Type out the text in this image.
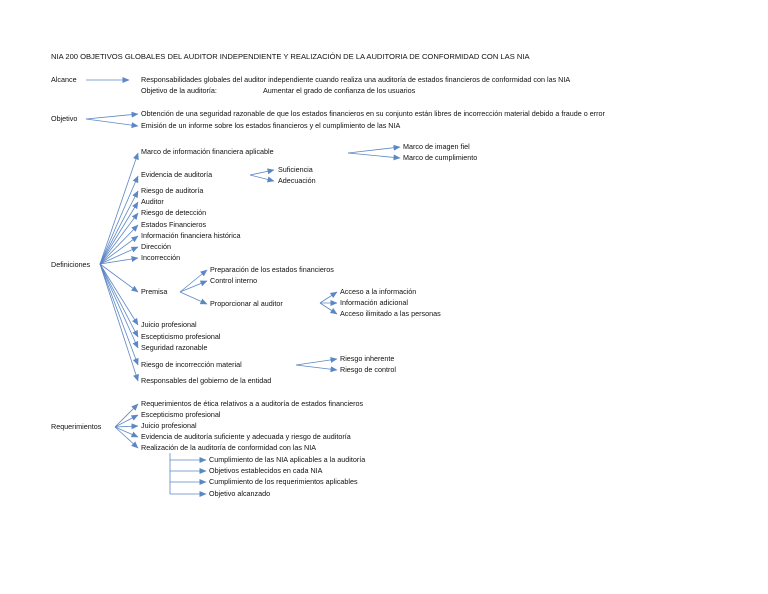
NIA 200 OBJETIVOS GLOBALES DEL AUDITOR INDEPENDIENTE Y REALIZACIÓN DE LA AUDITORIA DE CONFORMIDAD CON LAS NIA
Alcance	Responsabilidades globales del auditor independiente cuando realiza una auditoría de estados financieros de conformidad con las NIA
Objetivo de la auditoría:	Aumentar el grado de confianza de los usuarios
Objetivo
Obtención de una seguridad razonable de que los estados financieros en su conjunto están libres de incorrección material debido a fraude o error
Emisión de un informe sobre los estados financieros y el cumplimiento de las NIA
Definiciones
Marco de información financiera aplicable
Marco de imagen fiel
Marco de cumplimiento
Evidencia de auditoría
Suficiencia
Adecuación
Riesgo de auditoría
Auditor
Riesgo de detección
Estados Financieros
Información financiera histórica
Dirección
Incorrección
Premisa
Preparación de los estados financieros
Control interno
Proporcionar al auditor
Acceso a la información
Información adicional
Acceso ilimitado a las personas
Juicio profesional
Escepticismo profesional
Seguridad razonable
Riesgo de incorrección material
Riesgo inherente
Riesgo de control
Responsables del gobierno de la entidad
Requerimientos
Requerimientos de ética relativos a a auditoría de estados financieros
Escepticismo profesional
Juicio profesional
Evidencia de auditoría suficiente y adecuada y riesgo de auditoría
Realización de la auditoría de conformidad con las NIA
Cumplimiento de las NIA aplicables a la auditoría
Objetivos establecidos en cada NIA
Cumplimiento de los requerimientos aplicables
Objetivo alcanzado
